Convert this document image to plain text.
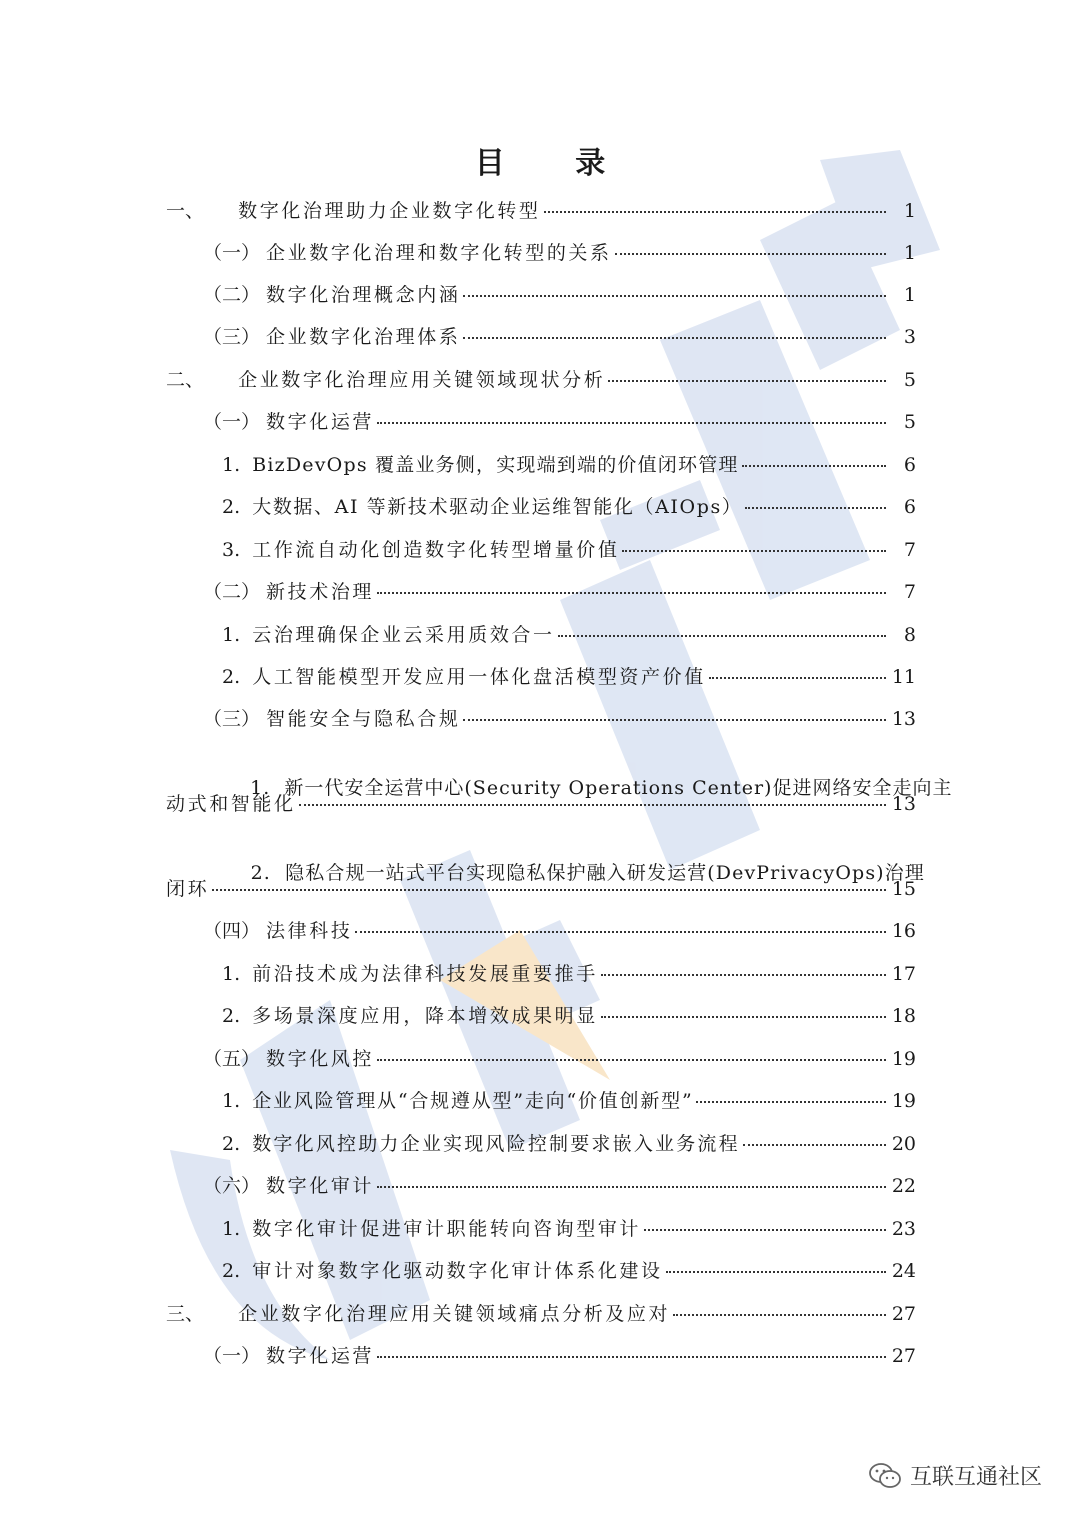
目 录
一、 数字化治理助力企业数字化转型	1
（一） 企业数字化治理和数字化转型的关系	1
（二） 数字化治理概念内涵	1
（三） 企业数字化治理体系	3
二、 企业数字化治理应用关键领域现状分析	5
（一） 数字化运营	5
1. BizDevOps 覆盖业务侧，实现端到端的价值闭环管理	6
2. 大数据、AI 等新技术驱动企业运维智能化（AIOps）	6
3. 工作流自动化创造数字化转型增量价值	7
（二） 新技术治理	7
1. 云治理确保企业云采用质效合一	8
2. 人工智能模型开发应用一体化盘活模型资产价值	11
（三） 智能安全与隐私合规	13

1.  新一代安全运营中心(Security Operations Center)促进网络安全走向主

动式和智能化	13

2.  隐私合规一站式平台实现隐私保护融入研发运营(DevPrivacyOps)治理

闭环	15
（四） 法律科技	16
1. 前沿技术成为法律科技发展重要推手	17
2. 多场景深度应用，降本增效成果明显	18
（五） 数字化风控	19
1. 企业风险管理从“合规遵从型”走向“价值创新型”	19
2. 数字化风控助力企业实现风险控制要求嵌入业务流程	20
（六） 数字化审计	22
1. 数字化审计促进审计职能转向咨询型审计	23
2. 审计对象数字化驱动数字化审计体系化建设	24
三、 企业数字化治理应用关键领域痛点分析及应对	27
（一） 数字化运营	27
互联互通社区
